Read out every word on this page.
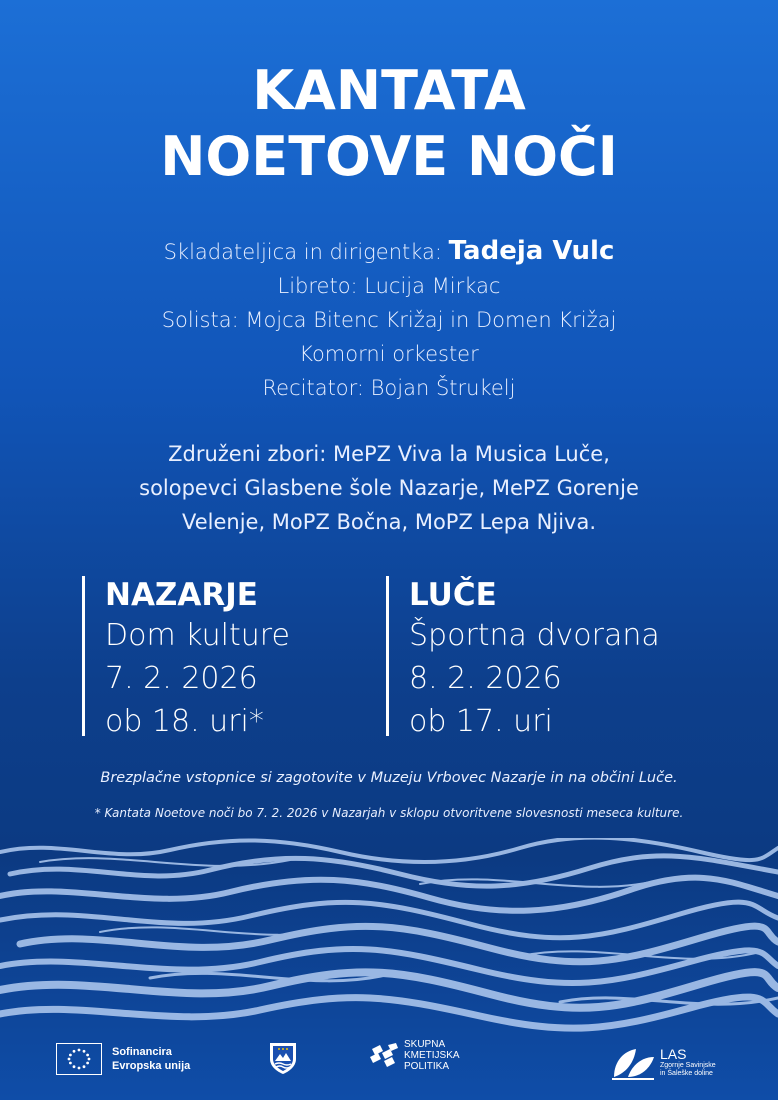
KANTATA
NOETOVE NOČI
Skladateljica in dirigentka: Tadeja Vulc
Libreto: Lucija Mirkac
Solista: Mojca Bitenc Križaj in Domen Križaj
Komorni orkester
Recitator: Bojan Štrukelj
Združeni zbori: MePZ Viva la Musica Luče,
solopevci Glasbene šole Nazarje, MePZ Gorenje
Velenje, MoPZ Bočna, MoPZ Lepa Njiva.
NAZARJE
Dom kulture
7. 2. 2026
ob 18. uri*
LUČE
Športna dvorana
8. 2. 2026
ob 17. uri
Brezplačne vstopnice si zagotovite v Muzeju Vrbovec Nazarje in na občini Luče.
* Kantata Noetove noči bo 7. 2. 2026 v Nazarjah v sklopu otvoritvene slovesnosti meseca kulture.
Sofinancira
Evropska unija
SKUPNA
KMETIJSKA
POLITIKA
LAS
Zgornje Savinjske
in Šaleške doline
